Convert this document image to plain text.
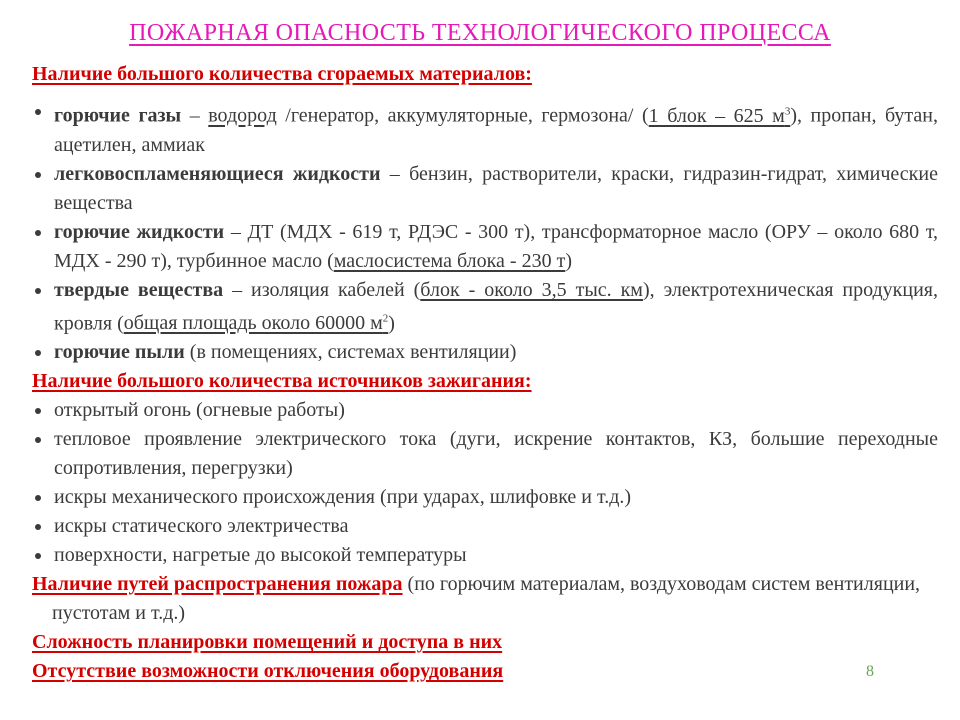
ПОЖАРНАЯ ОПАСНОСТЬ ТЕХНОЛОГИЧЕСКОГО ПРОЦЕССА

Наличие большого количества сгораемых материалов:

горючие газы – водород /генератор, аккумуляторные, гермозона/ (1 блок – 625 $м^3$), пропан, бутан, ацетилен, аммиак

легковоспламеняющиеся жидкости – бензин, растворители, краски, гидразин-гидрат, химические вещества

горючие жидкости – ДТ (МДХ - 619 т, РДЭС - 300 т), трансформаторное масло (ОРУ – около 680 т, МДХ - 290 т), турбинное масло (маслосистема блока - 230 т)

твердые вещества – изоляция кабелей (блок - около 3,5 тыс. км), электротехническая продукция, кровля (общая площадь около 60000 $м^2$)

горючие пыли (в помещениях, системах вентиляции)

Наличие большого количества источников зажигания:

открытый огонь (огневые работы)

тепловое проявление электрического тока (дуги, искрение контактов, КЗ, большие переходные сопротивления, перегрузки)

искры механического происхождения (при ударах, шлифовке и т.д.)

искры статического электричества

поверхности, нагретые до высокой температуры

Наличие путей распространения пожара (по горючим материалам, воздуховодам систем вентиляции, пустотам и т.д.)

Сложность планировки помещений и доступа в них

Отсутствие возможности отключения оборудования	8
